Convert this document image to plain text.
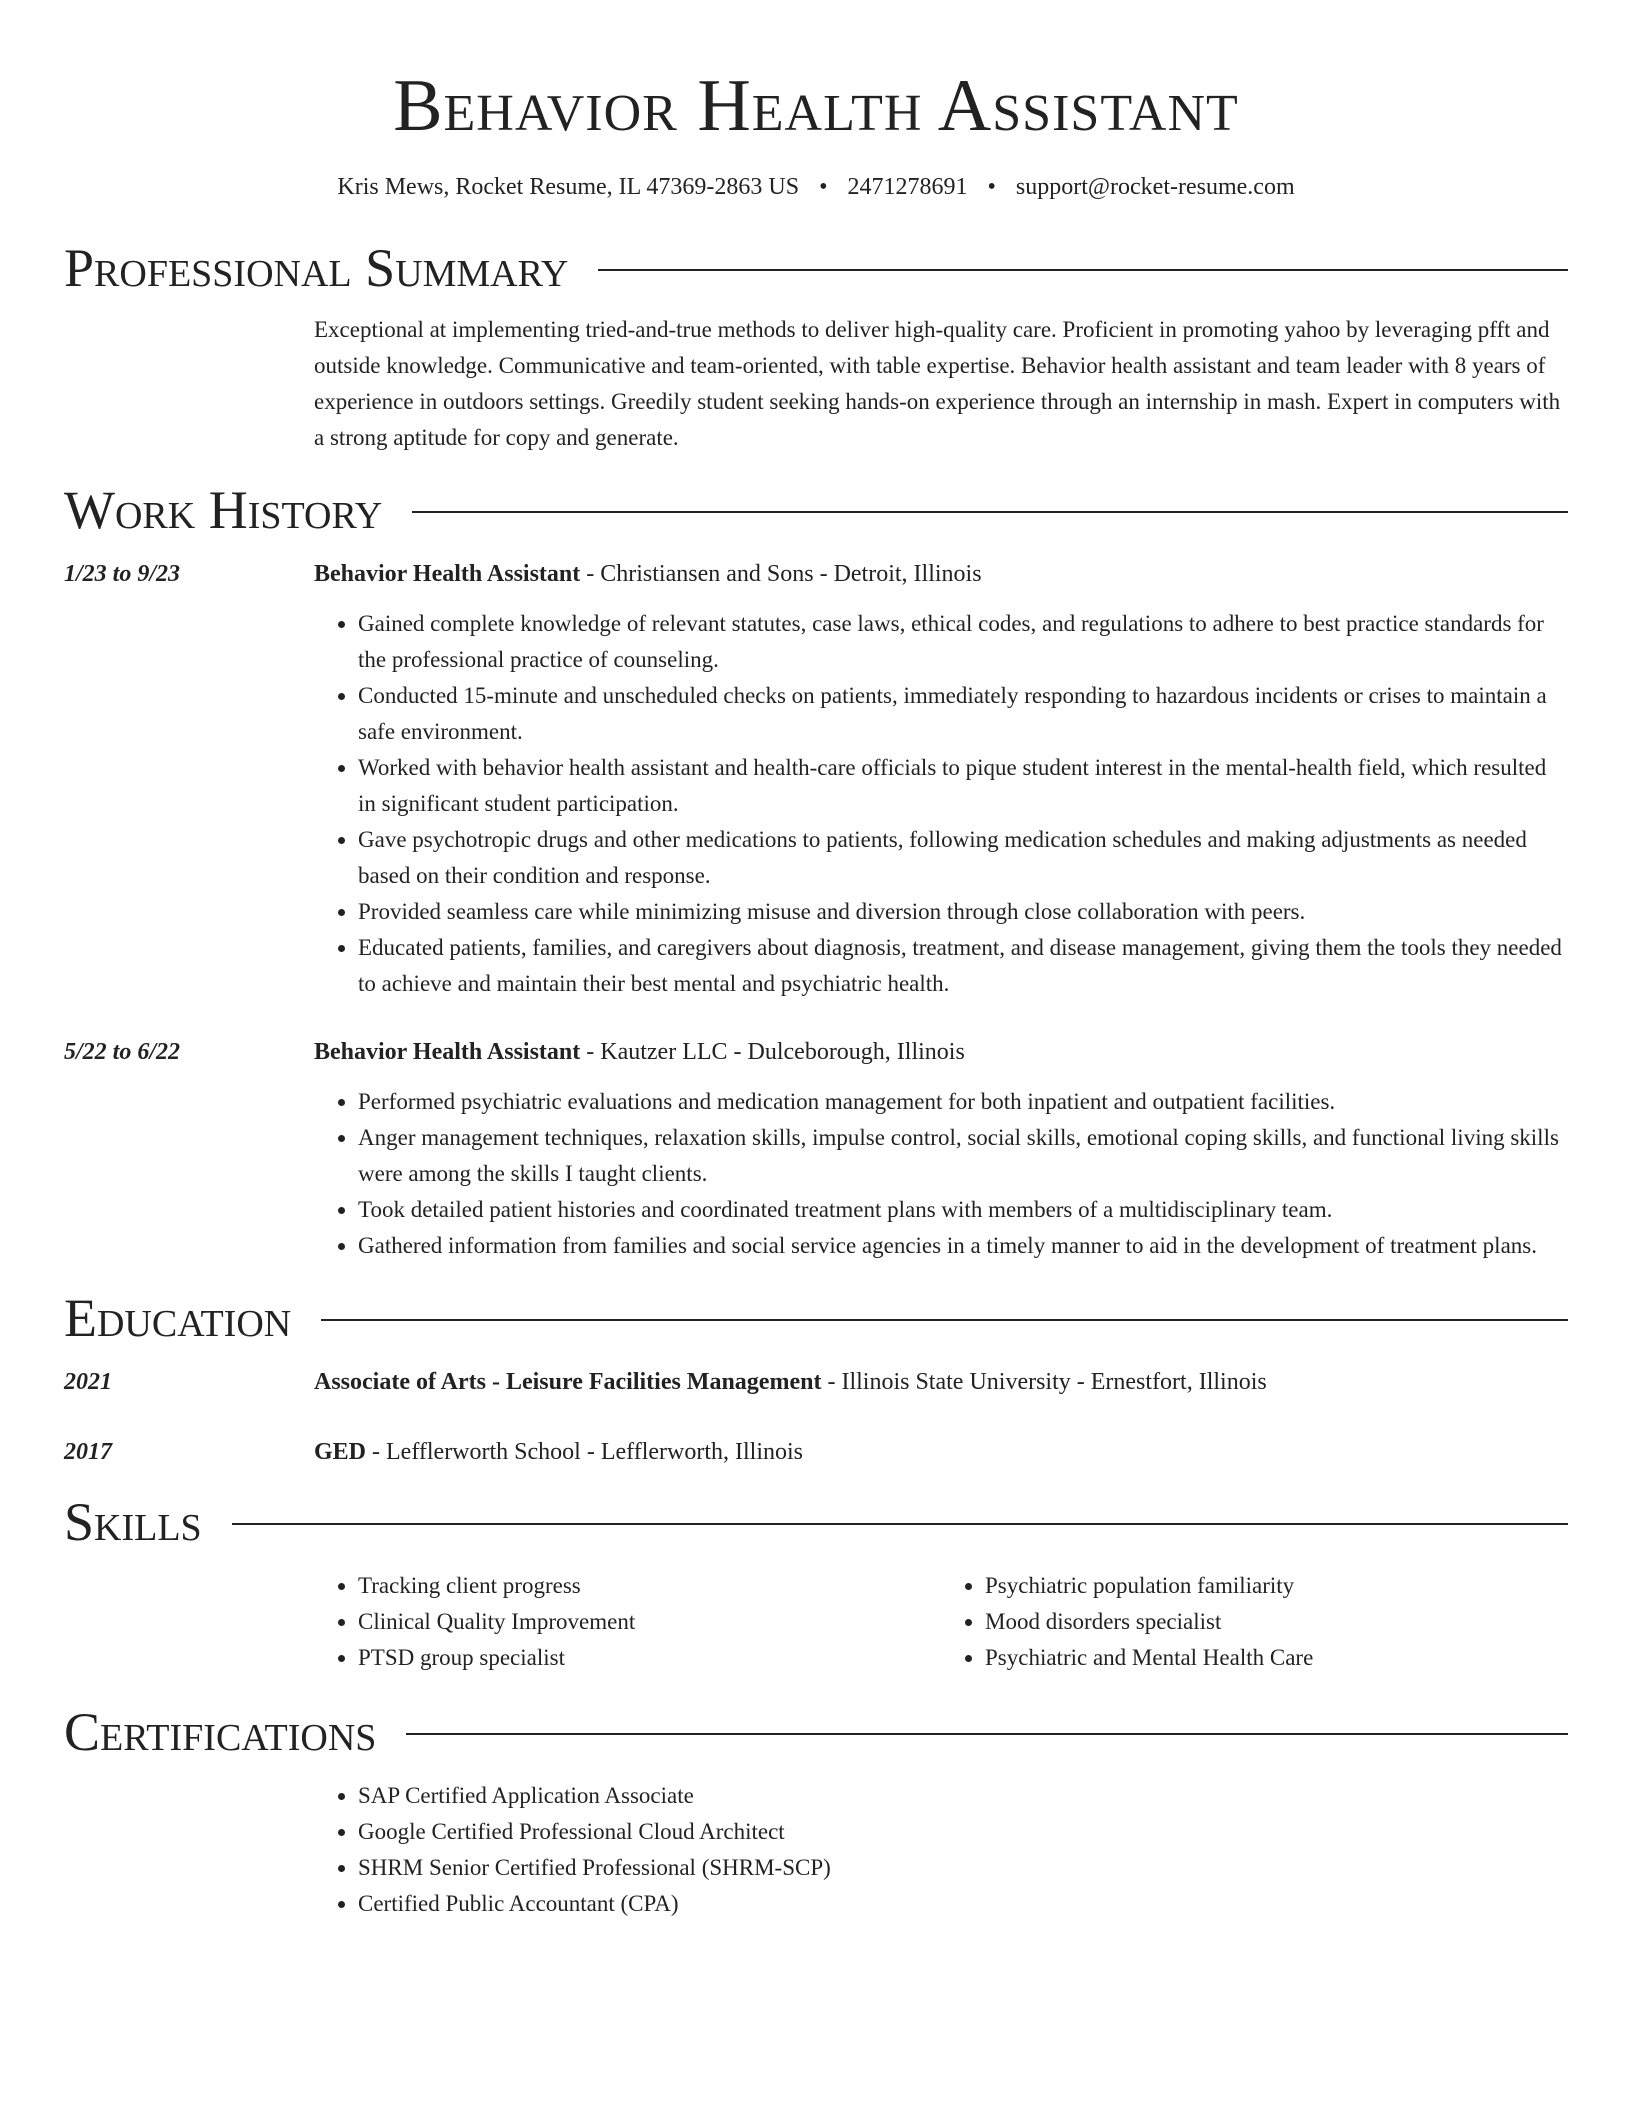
Behavior Health Assistant
Kris Mews, Rocket Resume, IL 47369-2863 US • 2471278691 • support@rocket-resume.com
Professional Summary
Exceptional at implementing tried-and-true methods to deliver high-quality care. Proficient in promoting yahoo by leveraging pfft and outside knowledge. Communicative and team-oriented, with table expertise. Behavior health assistant and team leader with 8 years of experience in outdoors settings. Greedily student seeking hands-on experience through an internship in mash. Expert in computers with a strong aptitude for copy and generate.
Work History
1/23 to 9/23	Behavior Health Assistant - Christiansen and Sons - Detroit, Illinois
• Gained complete knowledge of relevant statutes, case laws, ethical codes, and regulations to adhere to best practice standards for the professional practice of counseling.
• Conducted 15-minute and unscheduled checks on patients, immediately responding to hazardous incidents or crises to maintain a safe environment.
• Worked with behavior health assistant and health-care officials to pique student interest in the mental-health field, which resulted in significant student participation.
• Gave psychotropic drugs and other medications to patients, following medication schedules and making adjustments as needed based on their condition and response.
• Provided seamless care while minimizing misuse and diversion through close collaboration with peers.
• Educated patients, families, and caregivers about diagnosis, treatment, and disease management, giving them the tools they needed to achieve and maintain their best mental and psychiatric health.
5/22 to 6/22	Behavior Health Assistant - Kautzer LLC - Dulceborough, Illinois
• Performed psychiatric evaluations and medication management for both inpatient and outpatient facilities.
• Anger management techniques, relaxation skills, impulse control, social skills, emotional coping skills, and functional living skills were among the skills I taught clients.
• Took detailed patient histories and coordinated treatment plans with members of a multidisciplinary team.
• Gathered information from families and social service agencies in a timely manner to aid in the development of treatment plans.
Education
2021	Associate of Arts - Leisure Facilities Management - Illinois State University - Ernestfort, Illinois
2017	GED - Lefflerworth School - Lefflerworth, Illinois
Skills
• Tracking client progress
• Clinical Quality Improvement
• PTSD group specialist
• Psychiatric population familiarity
• Mood disorders specialist
• Psychiatric and Mental Health Care
Certifications
• SAP Certified Application Associate
• Google Certified Professional Cloud Architect
• SHRM Senior Certified Professional (SHRM-SCP)
• Certified Public Accountant (CPA)
